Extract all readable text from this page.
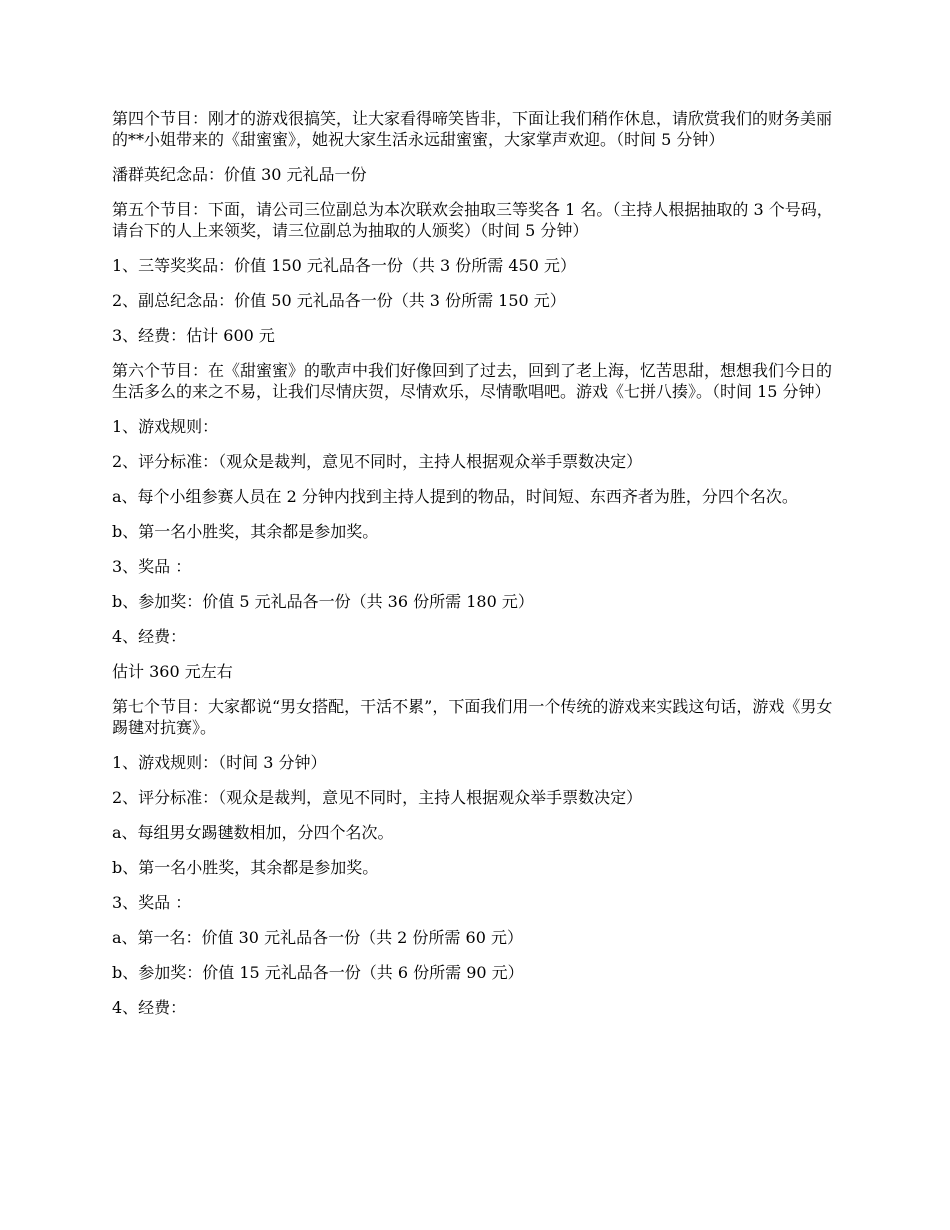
第四个节目：刚才的游戏很搞笑，让大家看得啼笑皆非，下面让我们稍作休息，请欣赏我们的财务美丽的**小姐带来的《甜蜜蜜》，她祝大家生活永远甜蜜蜜，大家掌声欢迎。（时间 5 分钟）

潘群英纪念品：价值 30 元礼品一份

第五个节目：下面，请公司三位副总为本次联欢会抽取三等奖各 1 名。（主持人根据抽取的 3 个号码，请台下的人上来领奖，请三位副总为抽取的人颁奖）（时间 5 分钟）

1、三等奖奖品：价值 150 元礼品各一份（共 3 份所需 450 元）

2、副总纪念品：价值 50 元礼品各一份（共 3 份所需 150 元）

3、经费：估计 600 元

第六个节目：在《甜蜜蜜》的歌声中我们好像回到了过去，回到了老上海，忆苦思甜，想想我们今日的生活多么的来之不易，让我们尽情庆贺，尽情欢乐，尽情歌唱吧。游戏《七拼八揍》。（时间 15 分钟）

1、游戏规则：

2、评分标准：（观众是裁判，意见不同时，主持人根据观众举手票数决定）

a、每个小组参赛人员在 2 分钟内找到主持人提到的物品，时间短、东西齐者为胜，分四个名次。

b、第一名小胜奖，其余都是参加奖。

3、奖品 ：

b、参加奖：价值 5 元礼品各一份（共 36 份所需 180 元）

4、经费：

估计 360 元左右

第七个节目：大家都说“男女搭配，干活不累”，下面我们用一个传统的游戏来实践这句话，游戏《男女踢毽对抗赛》。

1、游戏规则：（时间 3 分钟）

2、评分标准：（观众是裁判，意见不同时，主持人根据观众举手票数决定）

a、每组男女踢毽数相加，分四个名次。

b、第一名小胜奖，其余都是参加奖。

3、奖品 ：

a、第一名：价值 30 元礼品各一份（共 2 份所需 60 元）

b、参加奖：价值 15 元礼品各一份（共 6 份所需 90 元）

4、经费：
